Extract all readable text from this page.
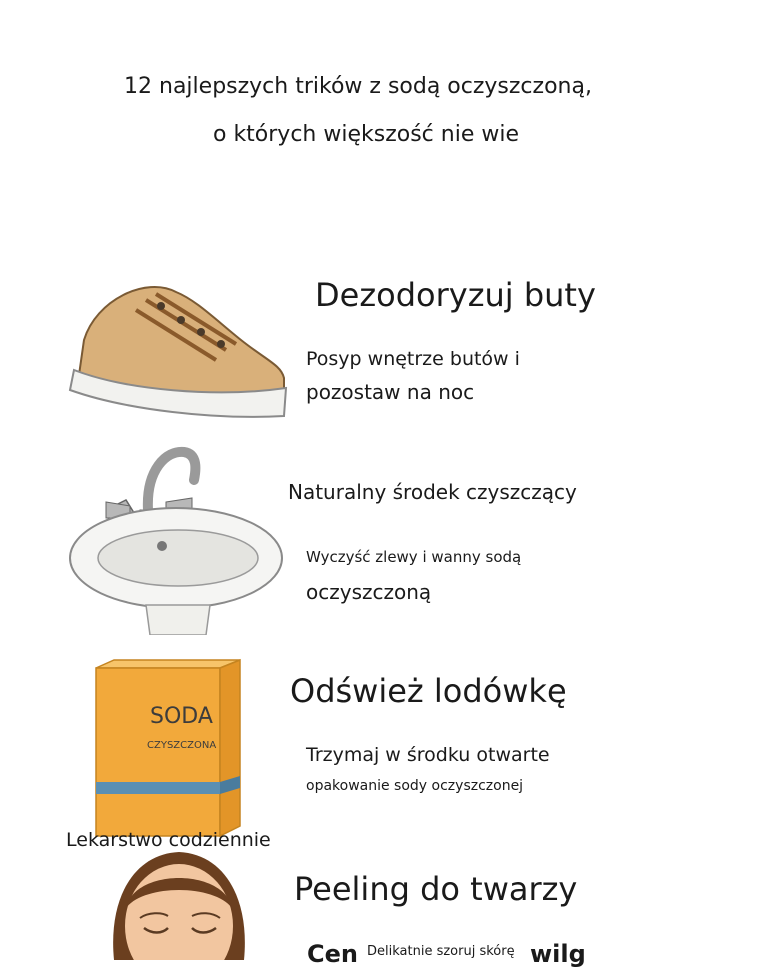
12 najlepszych trików z sodą oczyszczoną,
o których większość nie wie
Dezodoryzuj buty
Posyp wnętrze butów i
pozostaw na noc
Naturalny środek czyszczący
Wyczyść zlewy i wanny sodą
oczyszczoną
SODA
CZYSZCZONA
Odśwież lodówkę
Trzymaj w środku otwarte
opakowanie sody oczyszczonej
Lekarstwo codziennie
Peeling do twarzy
Cen	wilg
Delikatnie szoruj skórę
